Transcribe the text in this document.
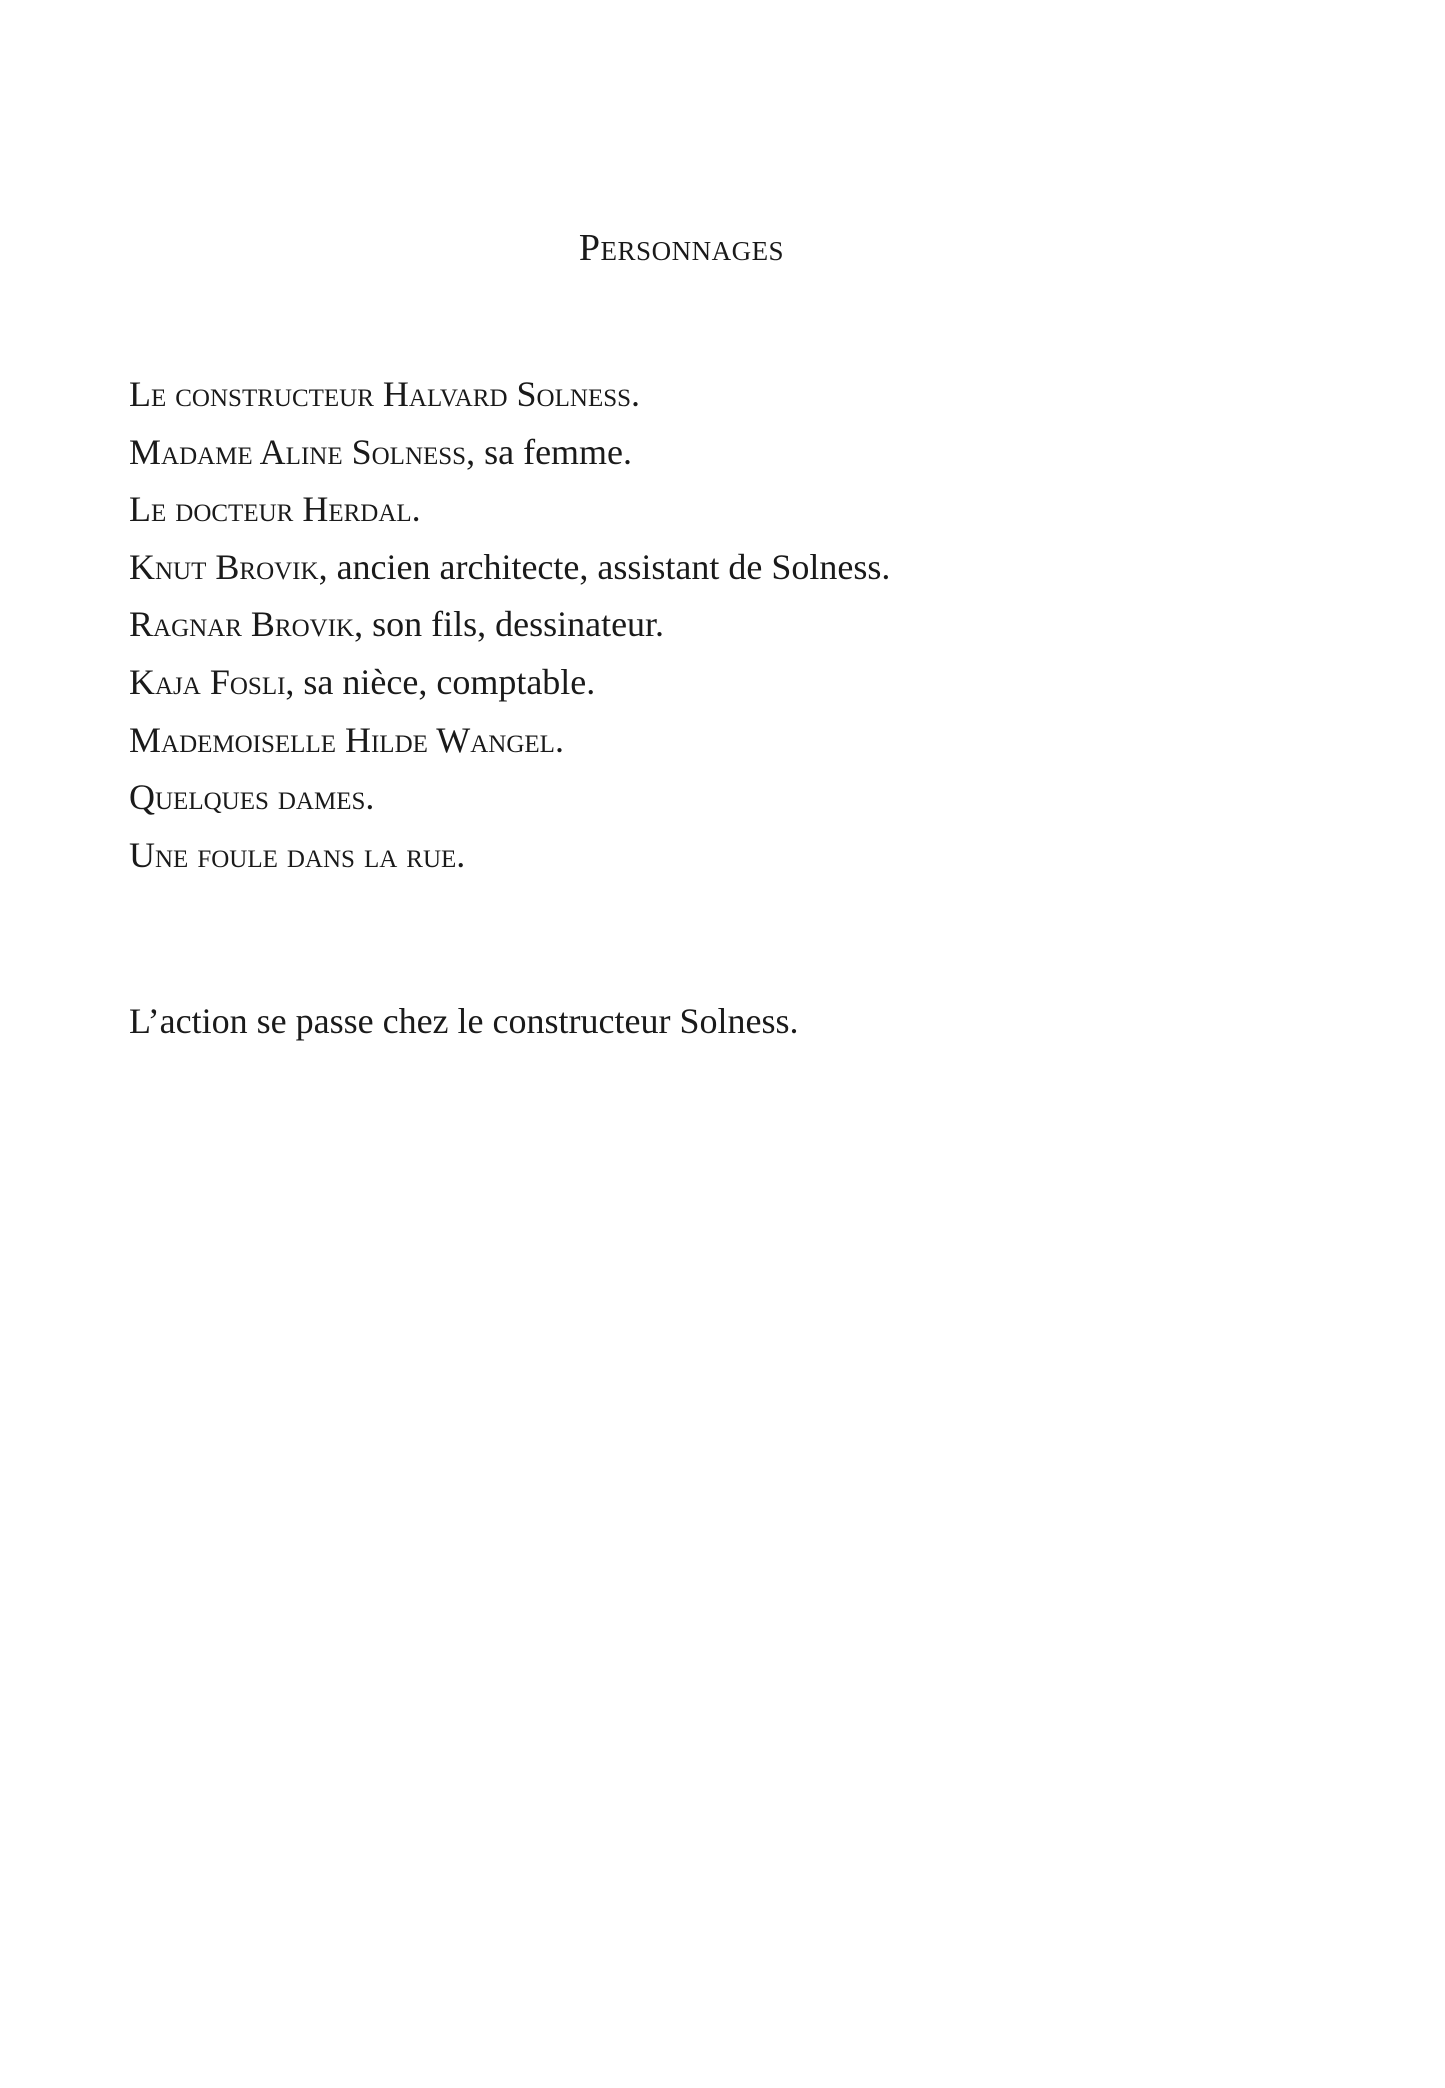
Personnages
Le constructeur Halvard Solness.
Madame Aline Solness, sa femme.
Le docteur Herdal.
Knut Brovik, ancien architecte, assistant de Solness.
Ragnar Brovik, son fils, dessinateur.
Kaja Fosli, sa nièce, comptable.
Mademoiselle Hilde Wangel.
Quelques dames.
Une foule dans la rue.

L’action se passe chez le constructeur Solness.
